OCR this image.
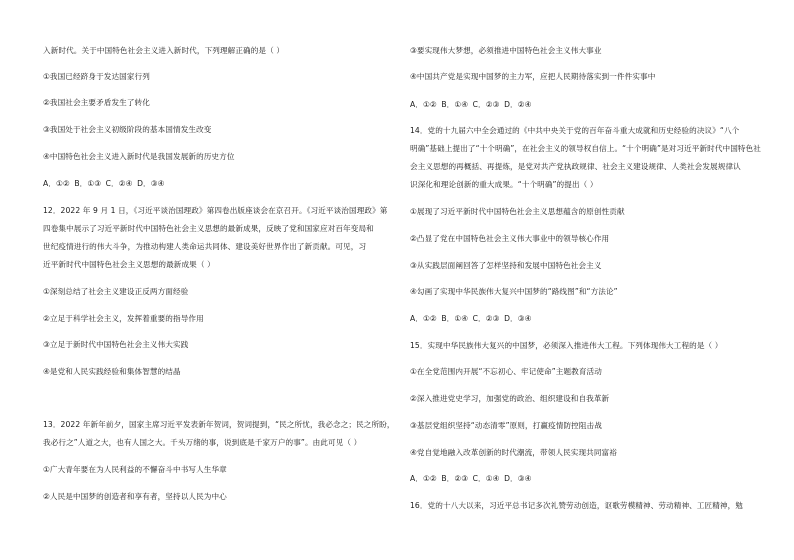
入新时代。关于中国特色社会主义进入新时代，下列理解正确的是（ ）
①我国已经跻身于发达国家行列
②我国社会主要矛盾发生了转化
③我国处于社会主义初级阶段的基本国情发生改变
④中国特色社会主义进入新时代是我国发展新的历史方位
A．①② B．①③ C．②④ D．③④
12．2022 年 9 月 1 日，《习近平谈治国理政》第四卷出版座谈会在京召开。《习近平谈治国理政》第
四卷集中展示了习近平新时代中国特色社会主义思想的最新成果，反映了党和国家应对百年变局和
世纪疫情进行的伟大斗争，为推动构建人类命运共同体、建设美好世界作出了新贡献。可见，习
近平新时代中国特色社会主义思想的最新成果（ ）
①深刻总结了社会主义建设正反两方面经验
②立足于科学社会主义，发挥着重要的指导作用
③立足于新时代中国特色社会主义伟大实践
④是党和人民实践经验和集体智慧的结晶
13．2022 年新年前夕，国家主席习近平发表新年贺词，贺词提到，“民之所忧，我必念之；民之所盼，
我必行之”人道之大，也有人国之大。千头万绪的事，说到底是千家万户的事”。由此可见（ ）
①广大青年要在为人民利益的不懈奋斗中书写人生华章
②人民是中国梦的创造者和享有者，坚持以人民为中心
③要实现伟大梦想，必须推进中国特色社会主义伟大事业
④中国共产党是实现中国梦的主力军，应把人民期待落实到一件件实事中
A．①② B．①④ C．②③ D．②④
14．党的十九届六中全会通过的《中共中央关于党的百年奋斗重大成就和历史经验的决议》“八个
明确”基础上提出了“十个明确”，在社会主义的领导权自信上。“十个明确”是对习近平新时代中国特色社
会主义思想的再概括、再提炼，是党对共产党执政规律、社会主义建设规律、人类社会发展规律认
识深化和理论创新的重大成果。“十个明确”的提出（ ）
①展现了习近平新时代中国特色社会主义思想蕴含的原创性贡献
②凸显了党在中国特色社会主义伟大事业中的领导核心作用
③从实践层面阐回答了怎样坚持和发展中国特色社会主义
④勾画了实现中华民族伟大复兴中国梦的“路线图”和“方法论”
A．①② B．①④ C．②③ D．③④
15．实现中华民族伟大复兴的中国梦，必须深入推进伟大工程。下列体现伟大工程的是（ ）
①在全党范围内开展“不忘初心、牢记使命”主题教育活动
②深入推进党史学习，加强党的政治、组织建设和自我革新
③基层党组织坚持“动态清零”原则，打赢疫情防控阻击战
④党自觉地融入改革创新的时代潮流，带领人民实现共同富裕
A．①② B．②③ C．①④ D．③④
16．党的十八大以来，习近平总书记多次礼赞劳动创造，讴歌劳模精神、劳动精神、工匠精神，勉
